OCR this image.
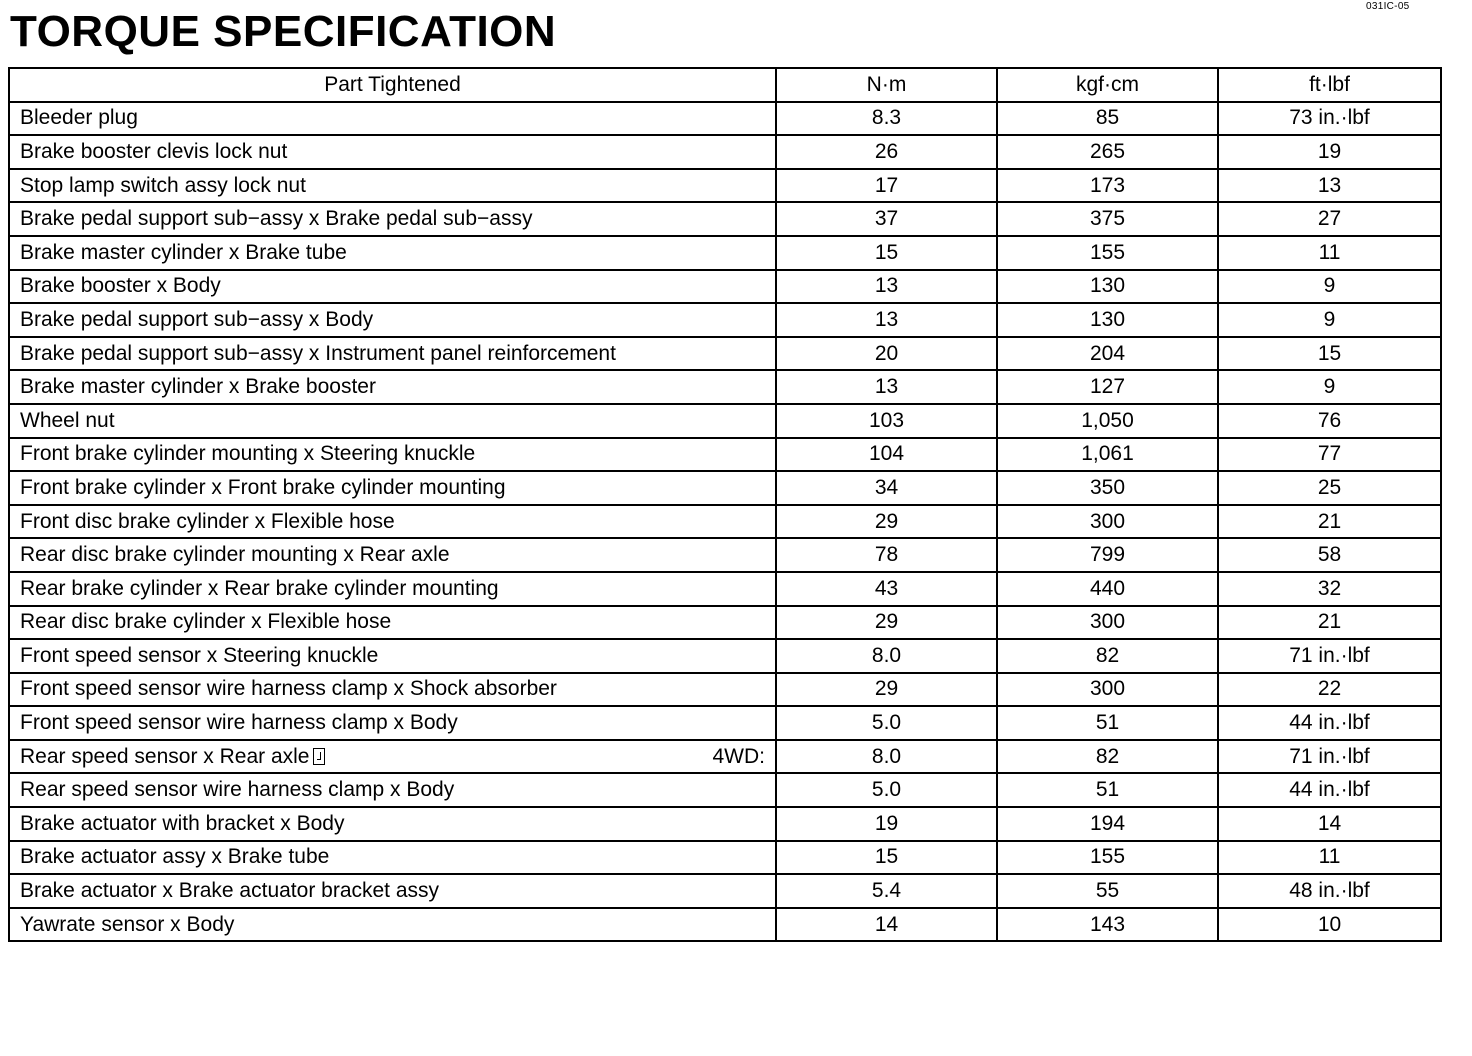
031IC-05
TORQUE SPECIFICATION
Part Tightened	N·m	kgf·cm	ft·lbf
Bleeder plug	8.3	85	73 in.·lbf
Brake booster clevis lock nut	26	265	19
Stop lamp switch assy lock nut	17	173	13
Brake pedal support sub−assy x Brake pedal sub−assy	37	375	27
Brake master cylinder x Brake tube	15	155	11
Brake booster x Body	13	130	9
Brake pedal support sub−assy x Body	13	130	9
Brake pedal support sub−assy x Instrument panel reinforcement	20	204	15
Brake master cylinder x Brake booster	13	127	9
Wheel nut	103	1,050	76
Front brake cylinder mounting x Steering knuckle	104	1,061	77
Front brake cylinder x Front brake cylinder mounting	34	350	25
Front disc brake cylinder x Flexible hose	29	300	21
Rear disc brake cylinder mounting x Rear axle	78	799	58
Rear brake cylinder x Rear brake cylinder mounting	43	440	32
Rear disc brake cylinder x Flexible hose	29	300	21
Front speed sensor x Steering knuckle	8.0	82	71 in.·lbf
Front speed sensor wire harness clamp x Shock absorber	29	300	22
Front speed sensor wire harness clamp x Body	5.0	51	44 in.·lbf

Rear speed sensor x Rear axle 4WD:	8.0	82	71 in.·lbf
Rear speed sensor wire harness clamp x Body	5.0	51	44 in.·lbf
Brake actuator with bracket x Body	19	194	14
Brake actuator assy x Brake tube	15	155	11
Brake actuator x Brake actuator bracket assy	5.4	55	48 in.·lbf
Yawrate sensor x Body	14	143	10
